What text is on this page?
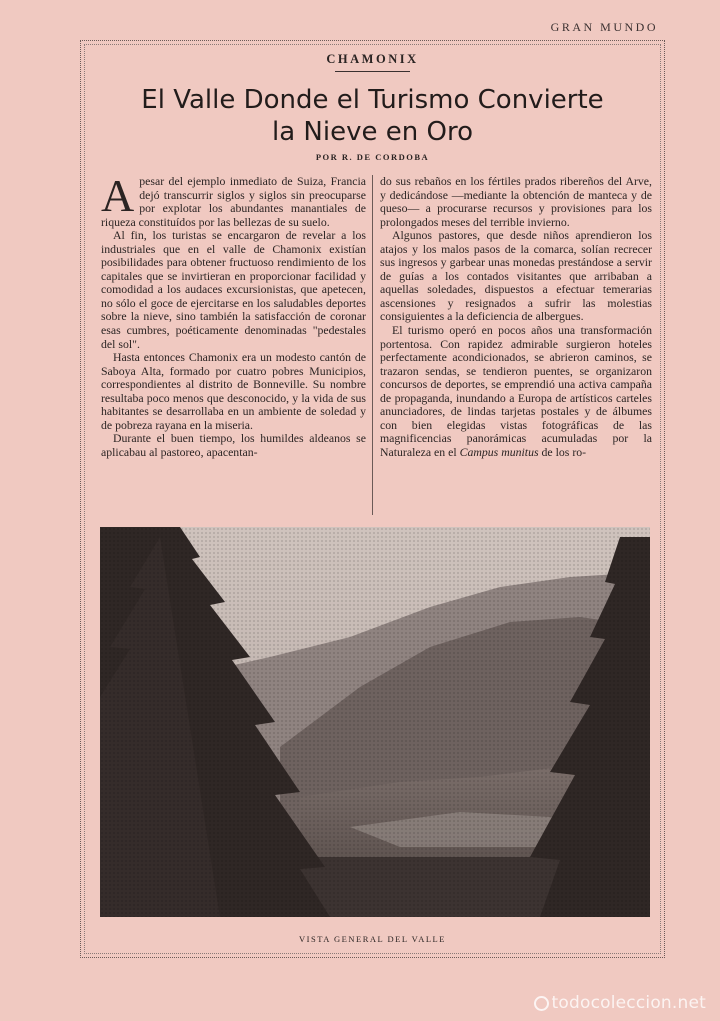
GRAN MUNDO
CHAMONIX
El Valle Donde el Turismo Convierte
la Nieve en Oro
POR R. DE CORDOBA

Apesar del ejemplo inmediato de Suiza, Francia dejó transcurrir siglos y siglos sin preocuparse por explotar los abundantes manantiales de riqueza constituídos por las bellezas de su suelo.

Al fin, los turistas se encargaron de revelar a los industriales que en el valle de Chamonix existían posibilidades para obtener fructuoso rendimiento de los capitales que se invirtieran en proporcionar facilidad y comodidad a los audaces excursionistas, que apetecen, no sólo el goce de ejercitarse en los saludables deportes sobre la nieve, sino también la satisfacción de coronar esas cumbres, poéticamente denominadas "pedestales del sol".

Hasta entonces Chamonix era un modesto cantón de Saboya Alta, formado por cuatro pobres Municipios, correspondientes al distrito de Bonneville. Su nombre resultaba poco menos que desconocido, y la vida de sus habitantes se desarrollaba en un ambiente de soledad y de pobreza rayana en la miseria.

Durante el buen tiempo, los humildes aldeanos se aplicabau al pastoreo, apacentan-

do sus rebaños en los fértiles prados ribereños del Arve, y dedicándose —mediante la obtención de manteca y de queso— a procurarse recursos y provisiones para los prolongados meses del terrible invierno.

Algunos pastores, que desde niños aprendieron los atajos y los malos pasos de la comarca, solían recrecer sus ingresos y garbear unas monedas prestándose a servir de guías a los contados visitantes que arribaban a aquellas soledades, dispuestos a efectuar temerarias ascensiones y resignados a sufrir las molestias consiguientes a la deficiencia de albergues.

El turismo operó en pocos años una transformación portentosa. Con rapidez admirable surgieron hoteles perfectamente acondicionados, se abrieron caminos, se trazaron sendas, se tendieron puentes, se organizaron concursos de deportes, se emprendió una activa campaña de propaganda, inundando a Europa de artísticos carteles anunciadores, de lindas tarjetas postales y de álbumes con bien elegidas vistas fotográficas de las magnificencias panorámicas acumuladas por la Naturaleza en el Campus munitus de los ro-

VISTA GENERAL DEL VALLE
todocoleccion.net
